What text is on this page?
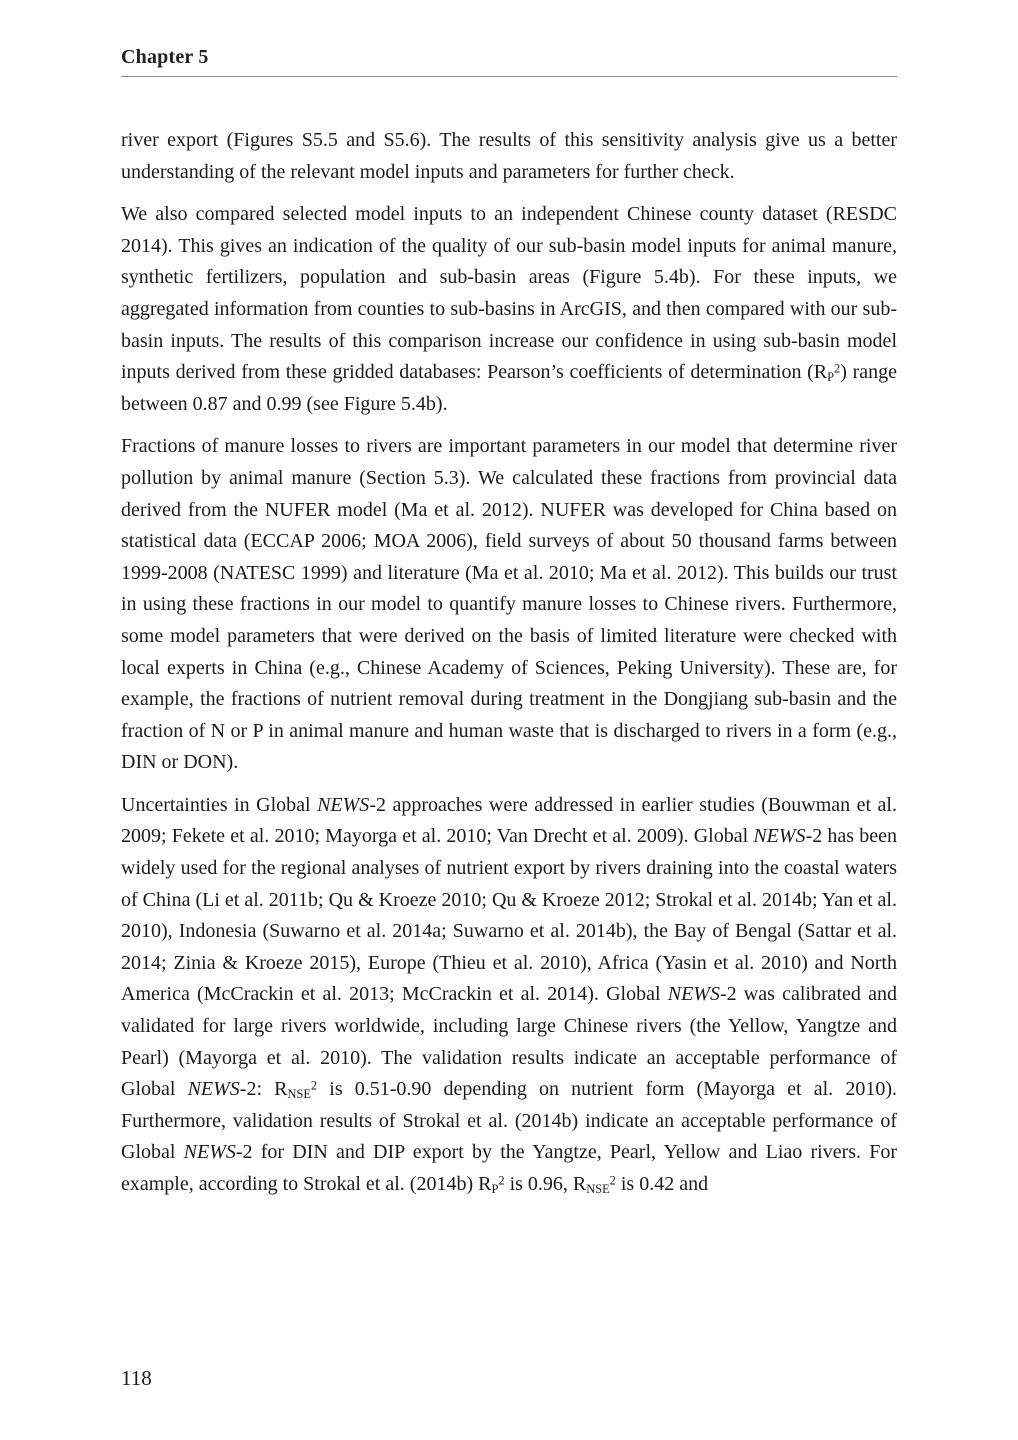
Chapter 5

river export (Figures S5.5 and S5.6). The results of this sensitivity analysis give us a better understanding of the relevant model inputs and parameters for further check.

We also compared selected model inputs to an independent Chinese county dataset (RESDC 2014). This gives an indication of the quality of our sub-basin model inputs for animal manure, synthetic fertilizers, population and sub-basin areas (Figure 5.4b). For these inputs, we aggregated information from counties to sub-basins in ArcGIS, and then compared with our sub-basin inputs. The results of this comparison increase our confidence in using sub-basin model inputs derived from these gridded databases: Pearson’s coefficients of determination $(R_P^2)$ range between 0.87 and 0.99 (see Figure 5.4b).

Fractions of manure losses to rivers are important parameters in our model that determine river pollution by animal manure (Section 5.3). We calculated these fractions from provincial data derived from the NUFER model (Ma et al. 2012). NUFER was developed for China based on statistical data (ECCAP 2006; MOA 2006), field surveys of about 50 thousand farms between 1999-2008 (NATESC 1999) and literature (Ma et al. 2010; Ma et al. 2012). This builds our trust in using these fractions in our model to quantify manure losses to Chinese rivers. Furthermore, some model parameters that were derived on the basis of limited literature were checked with local experts in China (e.g., Chinese Academy of Sciences, Peking University). These are, for example, the fractions of nutrient removal during treatment in the Dongjiang sub-basin and the fraction of N or P in animal manure and human waste that is discharged to rivers in a form (e.g., DIN or DON).

Uncertainties in Global NEWS-2 approaches were addressed in earlier studies (Bouwman et al. 2009; Fekete et al. 2010; Mayorga et al. 2010; Van Drecht et al. 2009). Global NEWS-2 has been widely used for the regional analyses of nutrient export by rivers draining into the coastal waters of China (Li et al. 2011b; Qu & Kroeze 2010; Qu & Kroeze 2012; Strokal et al. 2014b; Yan et al. 2010), Indonesia (Suwarno et al. 2014a; Suwarno et al. 2014b), the Bay of Bengal (Sattar et al. 2014; Zinia & Kroeze 2015), Europe (Thieu et al. 2010), Africa (Yasin et al. 2010) and North America (McCrackin et al. 2013; McCrackin et al. 2014). Global NEWS-2 was calibrated and validated for large rivers worldwide, including large Chinese rivers (the Yellow, Yangtze and Pearl) (Mayorga et al. 2010). The validation results indicate an acceptable performance of Global NEWS-2: $R_{NSE}^2$ is 0.51-0.90 depending on nutrient form (Mayorga et al. 2010). Furthermore, validation results of Strokal et al. (2014b) indicate an acceptable performance of Global NEWS-2 for DIN and DIP export by the Yangtze, Pearl, Yellow and Liao rivers. For example, according to Strokal et al. (2014b) $R_P^2$ is 0.96, $R_{NSE}^2$ is 0.42 and

118
